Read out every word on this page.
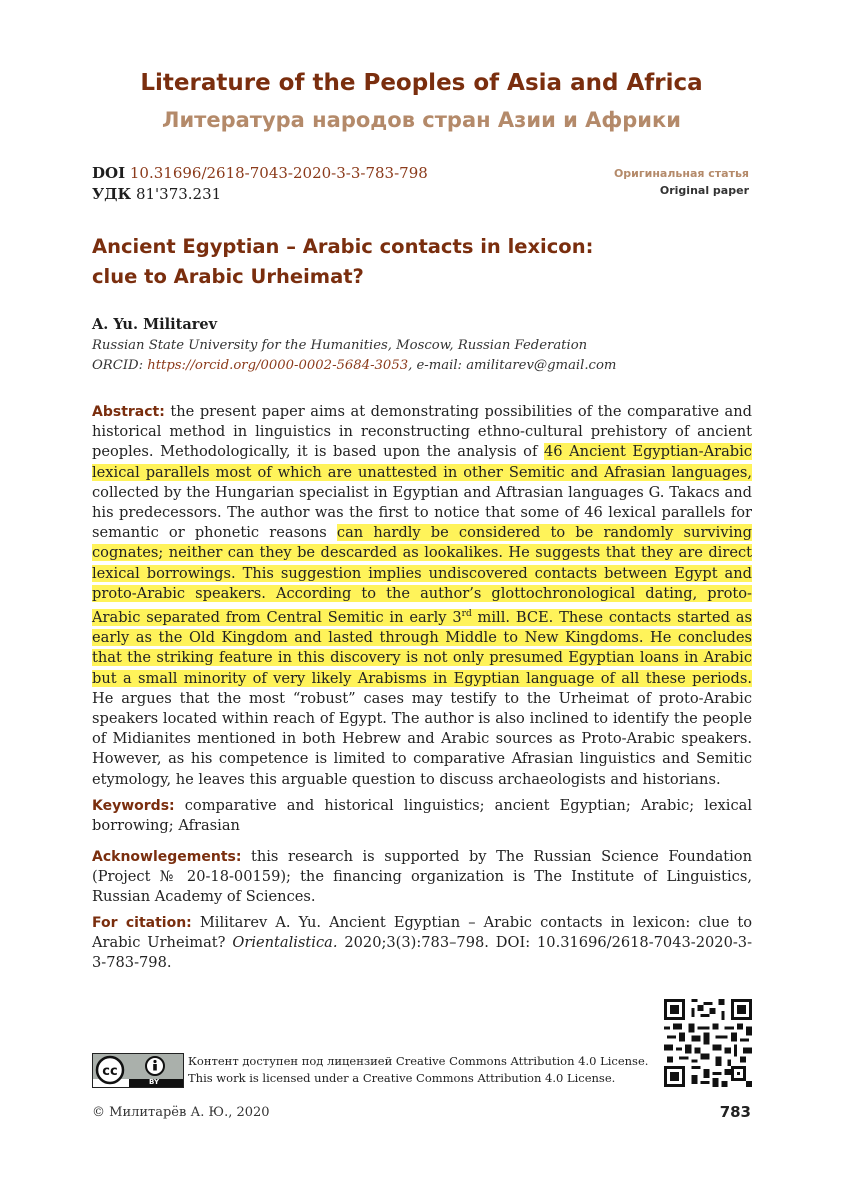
Literature of the Peoples of Asia and Africa
Литература народов стран Азии и Африки
DOI 10.31696/2618-7043-2020-3-3-783-798
УДК 81'373.231
Оригинальная статья
Original paper
Ancient Egyptian – Arabic contacts in lexicon:
clue to Arabic Urheimat?
A. Yu. Militarev
Russian State University for the Humanities, Moscow, Russian Federation
ORCID: https://orcid.org/0000-0002-5684-3053, e-mail: amilitarev@gmail.com
Abstract: the present paper aims at demonstrating possibilities of the comparative and historical method in linguistics in reconstructing ethno-cultural prehistory of ancient peoples. Methodologically, it is based upon the analysis of 46 Ancient Egyptian-Arabic lexical parallels most of which are unattested in other Semitic and Afrasian languages, collected by the Hungarian specialist in Egyptian and Aftrasian languages G. Takacs and his predecessors. The author was the first to notice that some of 46 lexical parallels for semantic or phonetic reasons can hardly be considered to be randomly surviving cognates; neither can they be descarded as lookalikes. He suggests that they are direct lexical borrowings. This suggestion implies undiscovered contacts between Egypt and proto-Arabic speakers. According to the author’s glottochronological dating, proto-Arabic separated from Central Semitic in early 3rd mill. BCE. These contacts started as early as the Old Kingdom and lasted through Middle to New Kingdoms. He concludes that the striking feature in this discovery is not only presumed Egyptian loans in Arabic but a small minority of very likely Arabisms in Egyptian language of all these periods. He argues that the most “robust” cases may testify to the Urheimat of proto-Arabic speakers located within reach of Egypt. The author is also inclined to identify the people of Midianites mentioned in both Hebrew and Arabic sources as Proto-Arabic speakers. However, as his competence is limited to comparative Afrasian linguistics and Semitic etymology, he leaves this arguable question to discuss archaeologists and historians.
Keywords: comparative and historical linguistics; ancient Egyptian; Arabic; lexical borrowing; Afrasian
Acknowlegements: this research is supported by The Russian Science Foundation (Project № 20-18-00159); the financing organization is The Institute of Linguistics, Russian Academy of Sciences.
For citation: Militarev A. Yu. Ancient Egyptian – Arabic contacts in lexicon: clue to Arabic Urheimat? Orientalistica. 2020;3(3):783–798. DOI: 10.31696/2618-7043-2020-3-3-783-798.
cc
BY
Контент доступен под лицензией Creative Commons Attribution 4.0 License.
This work is licensed under a Creative Commons Attribution 4.0 License.
© Милитарёв А. Ю., 2020	783
